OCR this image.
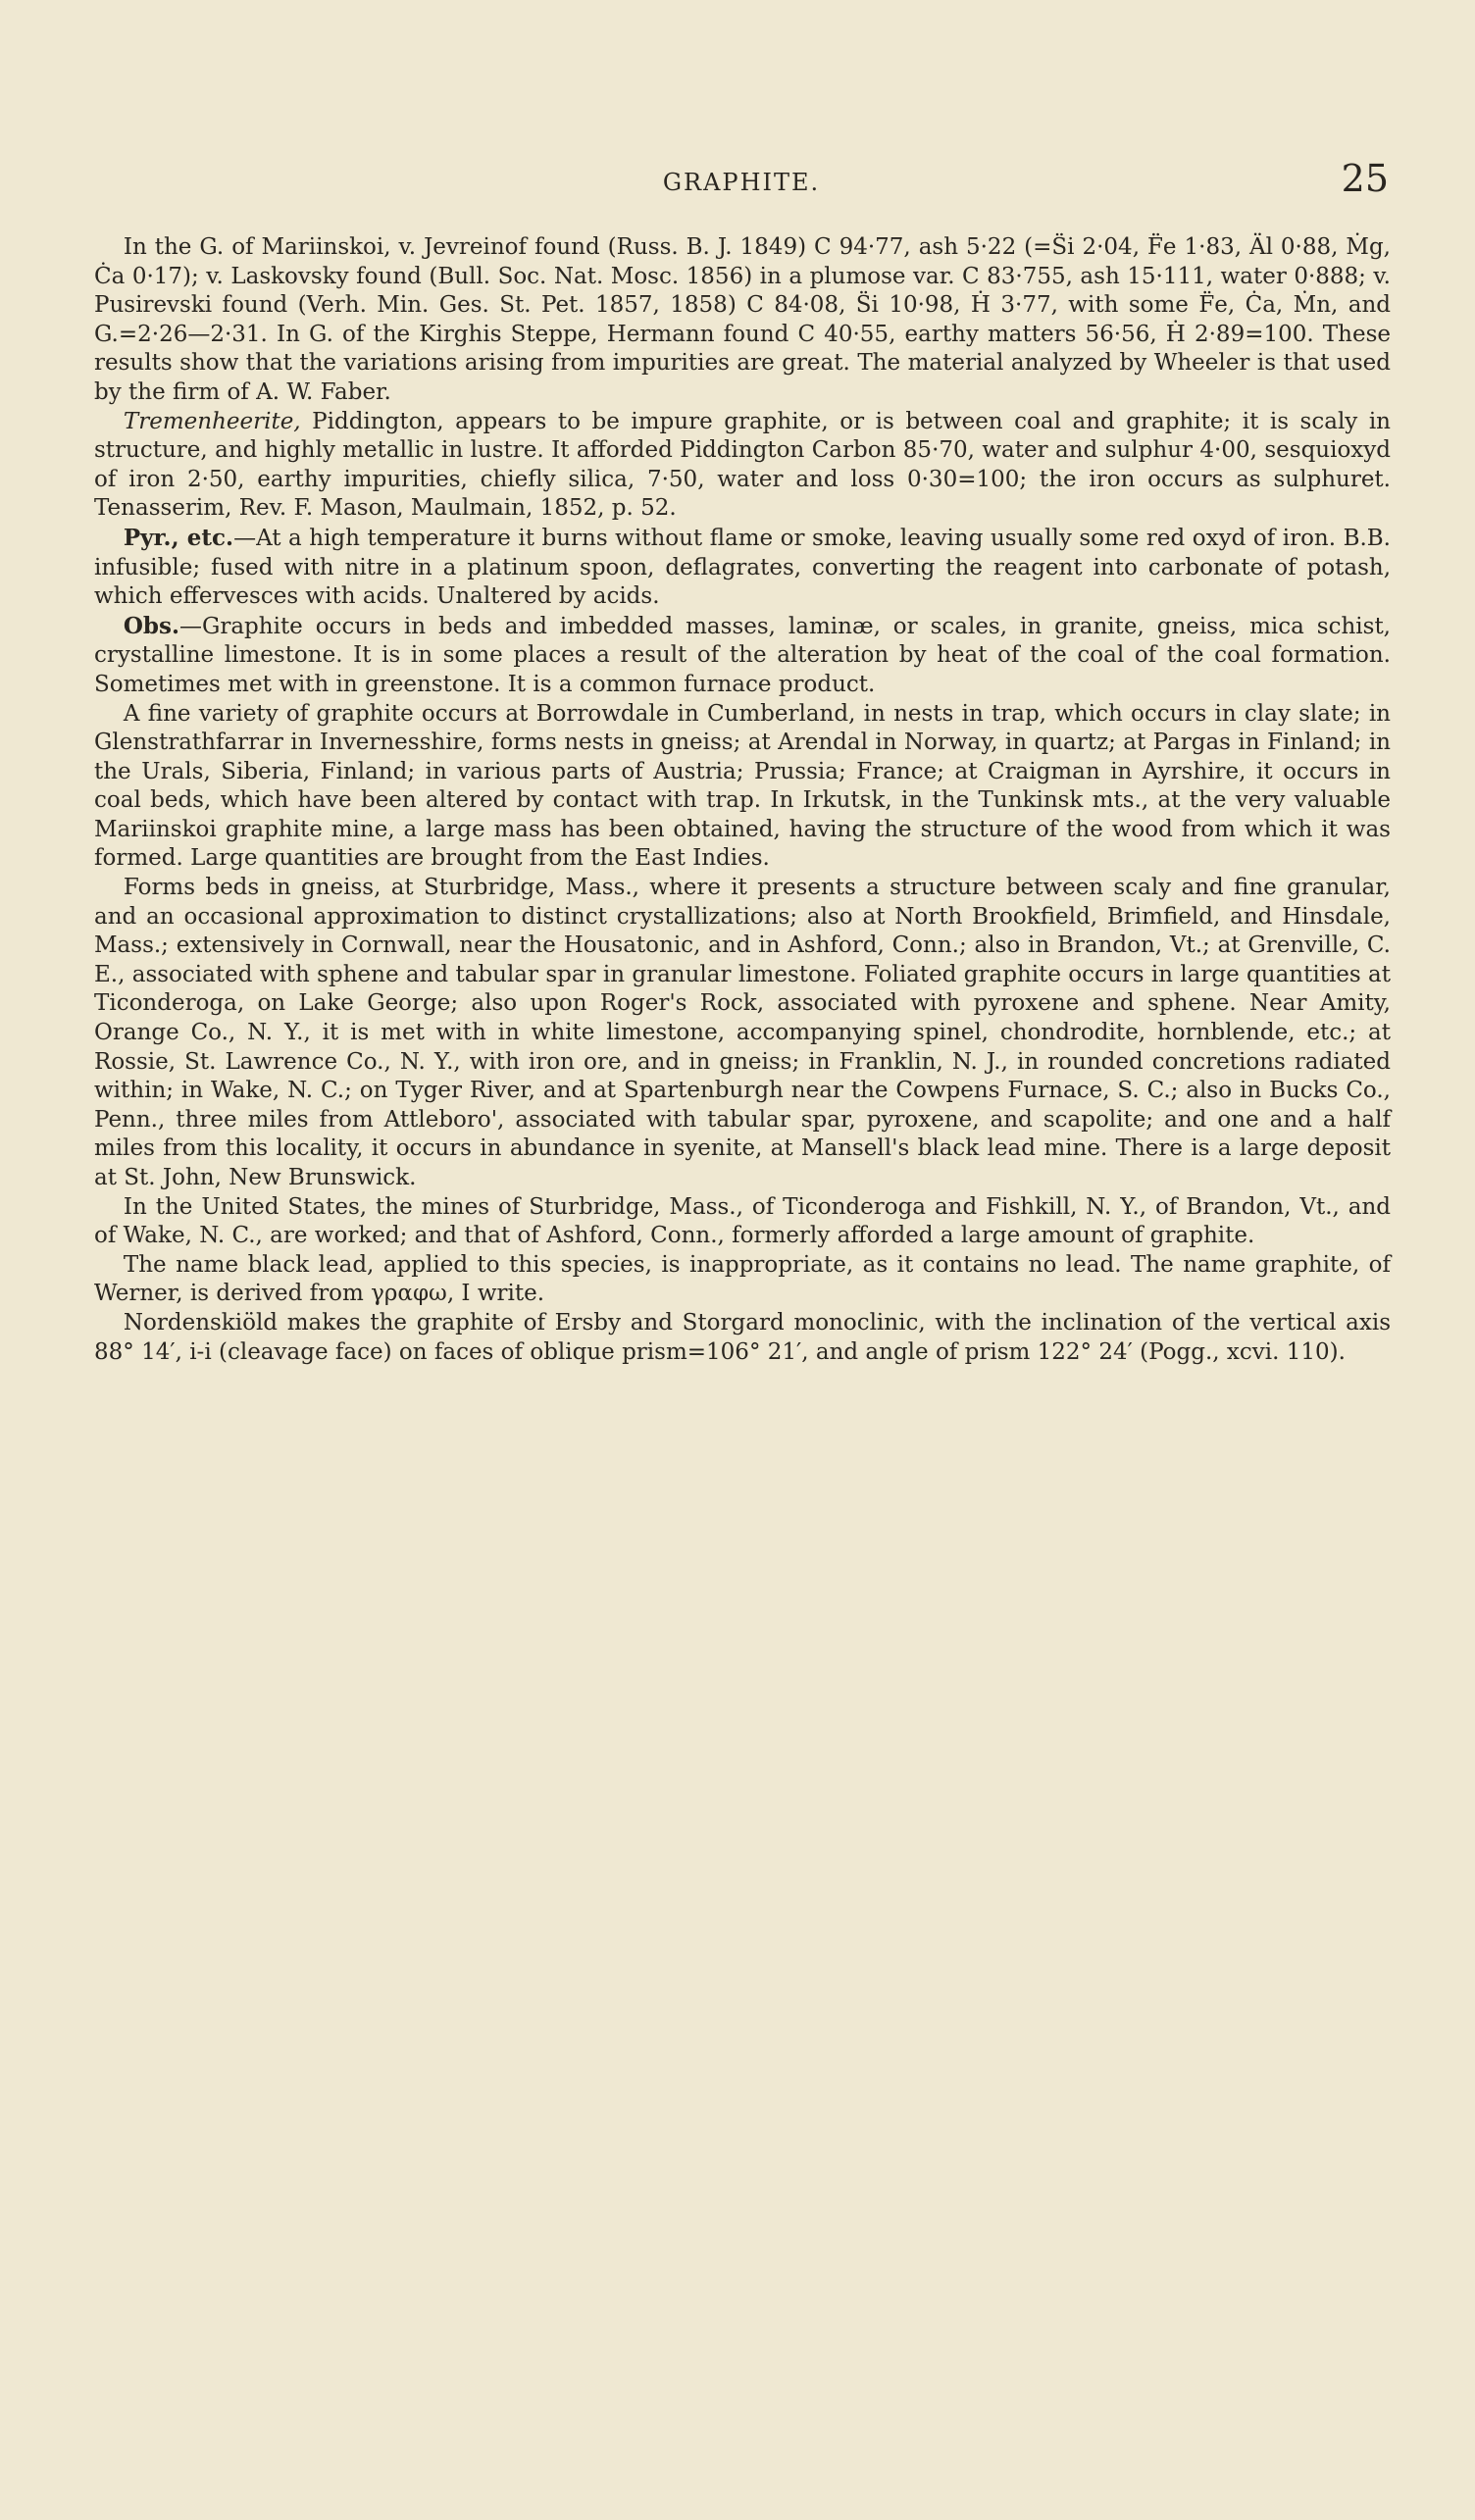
GRAPHITE.	25

In the G. of Mariinskoi, v. Jevreinof found (Russ. B. J. 1849) C 94·77, ash 5·22 (=S̈i 2·04, F̈e 1·83, Äl 0·88, Ṁg, Ċa 0·17); v. Laskovsky found (Bull. Soc. Nat. Mosc. 1856) in a plumose var. C 83·755, ash 15·111, water 0·888; v. Pusirevski found (Verh. Min. Ges. St. Pet. 1857, 1858) C 84·08, S̈i 10·98, Ḣ 3·77, with some F̈e, Ċa, Ṁn, and G.=2·26—2·31. In G. of the Kirghis Steppe, Hermann found C 40·55, earthy matters 56·56, Ḣ 2·89=100. These results show that the variations arising from impurities are great. The material analyzed by Wheeler is that used by the firm of A. W. Faber.

Tremenheerite, Piddington, appears to be impure graphite, or is between coal and graphite; it is scaly in structure, and highly metallic in lustre. It afforded Piddington Carbon 85·70, water and sulphur 4·00, sesquioxyd of iron 2·50, earthy impurities, chiefly silica, 7·50, water and loss 0·30=100; the iron occurs as sulphuret. Tenasserim, Rev. F. Mason, Maulmain, 1852, p. 52.

Pyr., etc.—At a high temperature it burns without flame or smoke, leaving usually some red oxyd of iron. B.B. infusible; fused with nitre in a platinum spoon, deflagrates, converting the reagent into carbonate of potash, which effervesces with acids. Unaltered by acids.

Obs.—Graphite occurs in beds and imbedded masses, laminæ, or scales, in granite, gneiss, mica schist, crystalline limestone. It is in some places a result of the alteration by heat of the coal of the coal formation. Sometimes met with in greenstone. It is a common furnace product.

A fine variety of graphite occurs at Borrowdale in Cumberland, in nests in trap, which occurs in clay slate; in Glenstrathfarrar in Invernesshire, forms nests in gneiss; at Arendal in Norway, in quartz; at Pargas in Finland; in the Urals, Siberia, Finland; in various parts of Austria; Prussia; France; at Craigman in Ayrshire, it occurs in coal beds, which have been altered by contact with trap. In Irkutsk, in the Tunkinsk mts., at the very valuable Mariinskoi graphite mine, a large mass has been obtained, having the structure of the wood from which it was formed. Large quantities are brought from the East Indies.

Forms beds in gneiss, at Sturbridge, Mass., where it presents a structure between scaly and fine granular, and an occasional approximation to distinct crystallizations; also at North Brookfield, Brimfield, and Hinsdale, Mass.; extensively in Cornwall, near the Housatonic, and in Ashford, Conn.; also in Brandon, Vt.; at Grenville, C. E., associated with sphene and tabular spar in granular limestone. Foliated graphite occurs in large quantities at Ticonderoga, on Lake George; also upon Roger's Rock, associated with pyroxene and sphene. Near Amity, Orange Co., N. Y., it is met with in white limestone, accompanying spinel, chondrodite, hornblende, etc.; at Rossie, St. Lawrence Co., N. Y., with iron ore, and in gneiss; in Franklin, N. J., in rounded concretions radiated within; in Wake, N. C.; on Tyger River, and at Spartenburgh near the Cowpens Furnace, S. C.; also in Bucks Co., Penn., three miles from Attleboro', associated with tabular spar, pyroxene, and scapolite; and one and a half miles from this locality, it occurs in abundance in syenite, at Mansell's black lead mine. There is a large deposit at St. John, New Brunswick.

In the United States, the mines of Sturbridge, Mass., of Ticonderoga and Fishkill, N. Y., of Brandon, Vt., and of Wake, N. C., are worked; and that of Ashford, Conn., formerly afforded a large amount of graphite.

The name black lead, applied to this species, is inappropriate, as it contains no lead. The name graphite, of Werner, is derived from γραφω, I write.

Nordenskiöld makes the graphite of Ersby and Storgard monoclinic, with the inclination of the vertical axis 88° 14′, i-i (cleavage face) on faces of oblique prism=106° 21′, and angle of prism 122° 24′ (Pogg., xcvi. 110).
